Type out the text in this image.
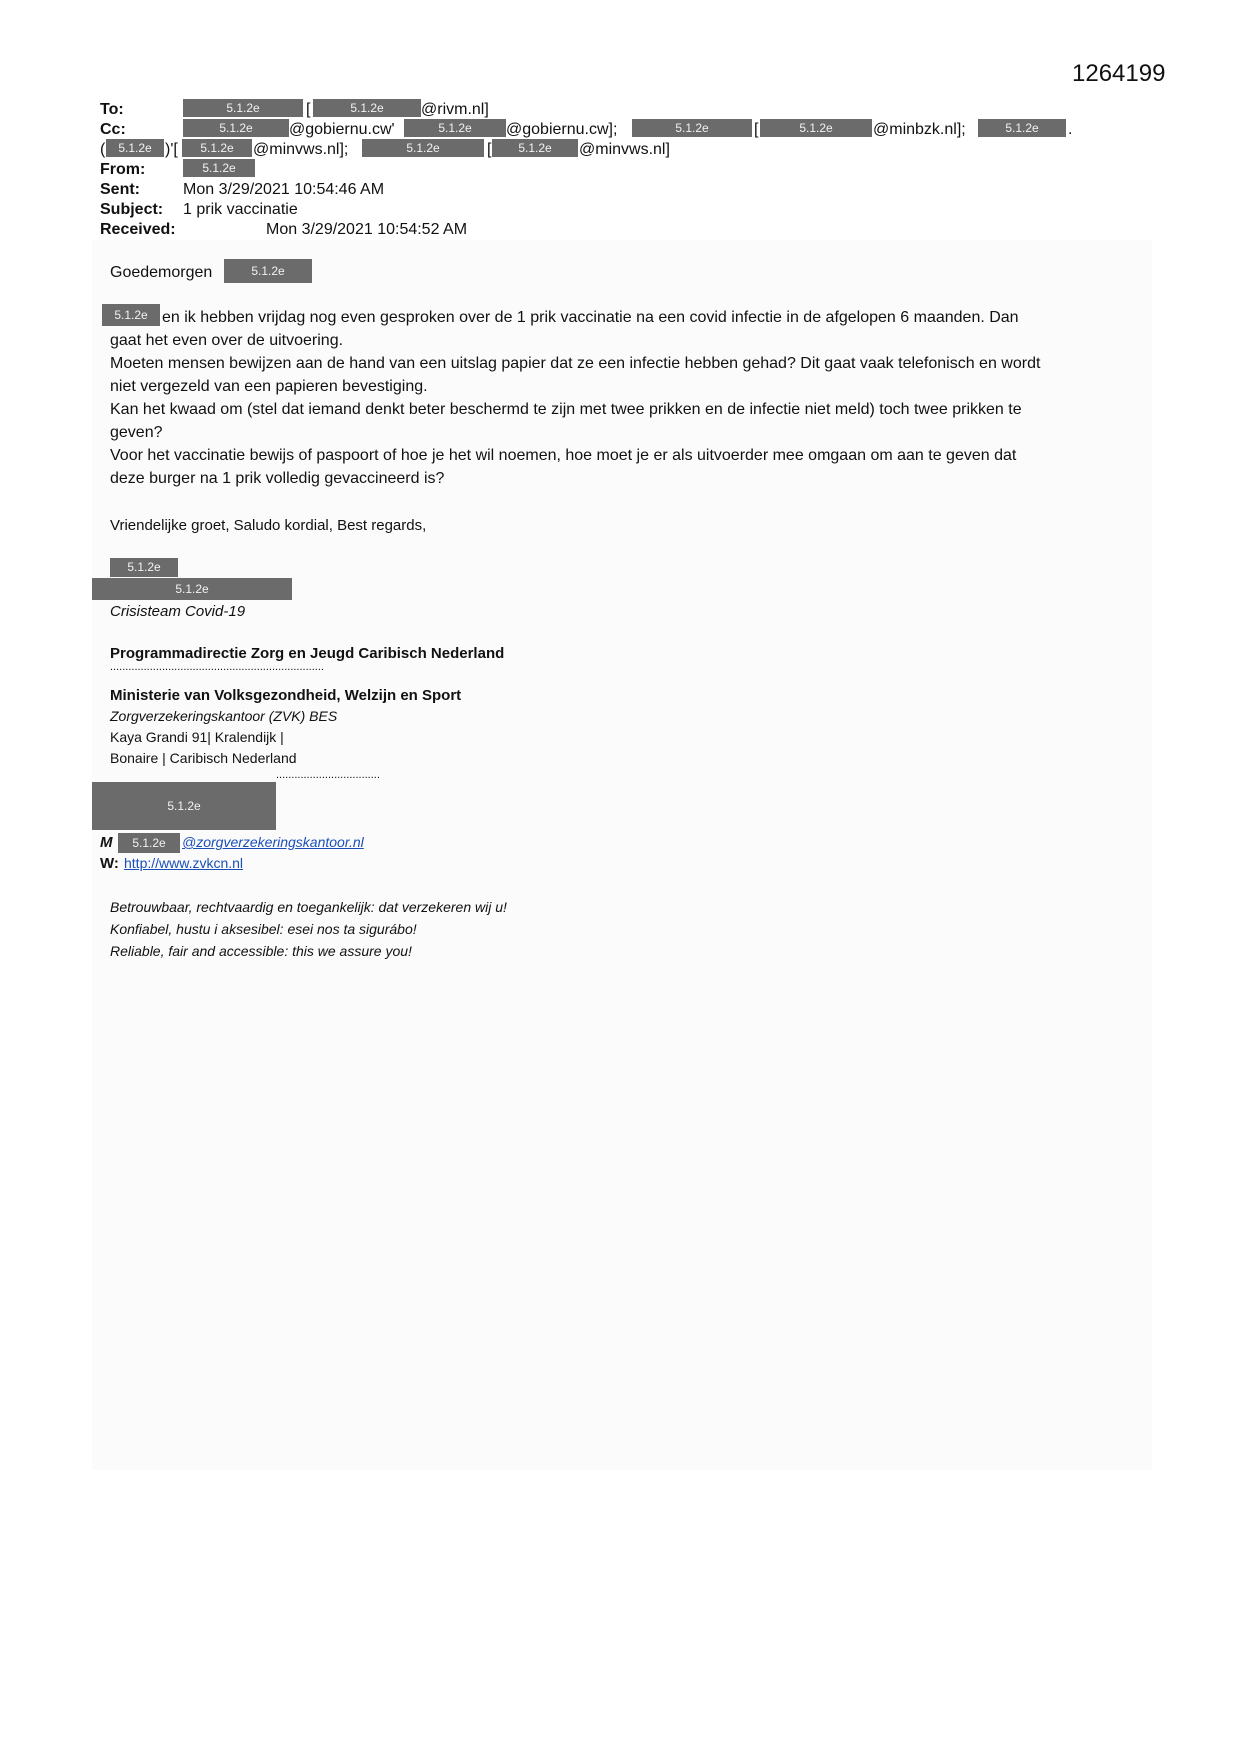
1264199
To:	5.1.2e	[	5.1.2e	@rivm.nl]
Cc:	5.1.2e	@gobiernu.cw'	5.1.2e	@gobiernu.cw];	5.1.2e	[	5.1.2e	@minbzk.nl];	5.1.2e	.
(	5.1.2e )'[	5.1.2e	@minvws.nl];	5.1.2e	[	5.1.2e	@minvws.nl]
From:	5.1.2e
Sent:	Mon 3/29/2021 10:54:46 AM
Subject: 1 prik vaccinatie
Received:	Mon 3/29/2021 10:54:52 AM
Goedemorgen	5.1.2e
5.1.2e en ik hebben vrijdag nog even gesproken over de 1 prik vaccinatie na een covid infectie in de afgelopen 6 maanden. Dan
gaat het even over de uitvoering.
Moeten mensen bewijzen aan de hand van een uitslag papier dat ze een infectie hebben gehad? Dit gaat vaak telefonisch en wordt
niet vergezeld van een papieren bevestiging.
Kan het kwaad om (stel dat iemand denkt beter beschermd te zijn met twee prikken en de infectie niet meld) toch twee prikken te
geven?
Voor het vaccinatie bewijs of paspoort of hoe je het wil noemen, hoe moet je er als uitvoerder mee omgaan om aan te geven dat
deze burger na 1 prik volledig gevaccineerd is?
Vriendelijke groet, Saludo kordial, Best regards,
5.1.2e
5.1.2e
Crisisteam Covid-19
Programmadirectie Zorg en Jeugd Caribisch Nederland
......................................................................
Ministerie van Volksgezondheid, Welzijn en Sport
Zorgverzekeringskantoor (ZVK) BES
Kaya Grandi 91| Kralendijk |
Bonaire | Caribisch Nederland
..................................
5.1.2e
M	5.1.2e	@zorgverzekeringskantoor.nl
W: http://www.zvkcn.nl
Betrouwbaar, rechtvaardig en toegankelijk: dat verzekeren wij u!
Konfiabel, hustu i aksesibel: esei nos ta sigurábo!
Reliable, fair and accessible: this we assure you!
